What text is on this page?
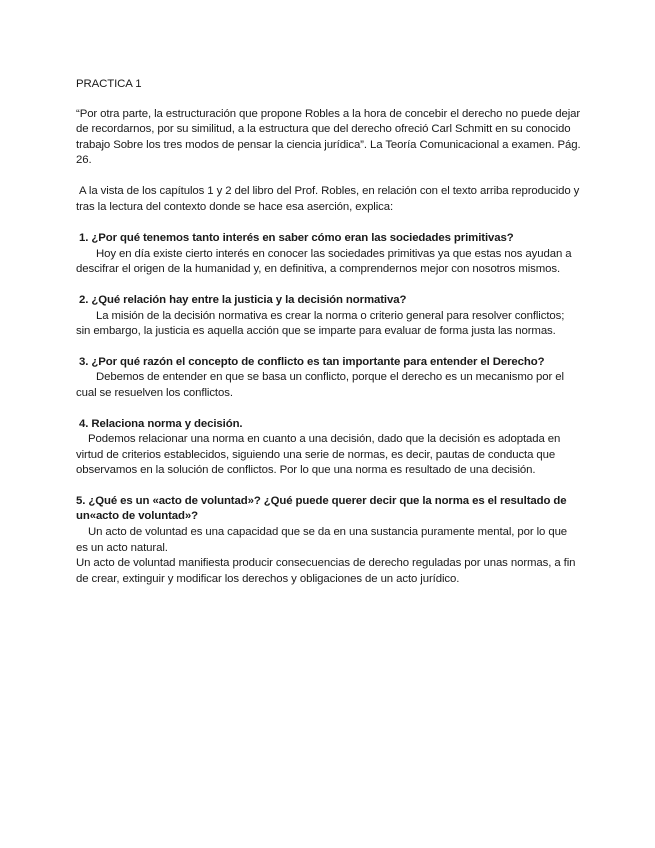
PRACTICA 1

“Por otra parte, la estructuración que propone Robles a la hora de concebir el derecho no puede dejar de recordarnos, por su similitud, a la estructura que del derecho ofreció Carl Schmitt en su conocido trabajo Sobre los tres modos de pensar la ciencia jurídica”. La Teoría Comunicacional a examen. Pág. 26.

A la vista de los capítulos 1 y 2 del libro del Prof. Robles, en relación con el texto arriba reproducido y tras la lectura del contexto donde se hace esa aserción, explica:

1. ¿Por qué tenemos tanto interés en saber cómo eran las sociedades primitivas?

Hoy en día existe cierto interés en conocer las sociedades primitivas ya que estas nos ayudan a descifrar el origen de la humanidad y, en definitiva, a comprendernos mejor con nosotros mismos.

2. ¿Qué relación hay entre la justicia y la decisión normativa?

La misión de la decisión normativa es crear la norma o criterio general para resolver conflictos; sin embargo, la justicia es aquella acción que se imparte para evaluar de forma justa las normas.

3. ¿Por qué razón el concepto de conflicto es tan importante para entender el Derecho?

Debemos de entender en que se basa un conflicto, porque el derecho es un mecanismo por el cual se resuelven los conflictos.

4. Relaciona norma y decisión.

Podemos relacionar una norma en cuanto a una decisión, dado que la decisión es adoptada en virtud de criterios establecidos, siguiendo una serie de normas, es decir, pautas de conducta que observamos en la solución de conflictos. Por lo que una norma es resultado de una decisión.

5. ¿Qué es un «acto de voluntad»? ¿Qué puede querer decir que la norma es el resultado de un«acto de voluntad»?

Un acto de voluntad es una capacidad que se da en una sustancia puramente mental, por lo que es un acto natural.

Un acto de voluntad manifiesta producir consecuencias de derecho reguladas por unas normas, a fin de crear, extinguir y modificar los derechos y obligaciones de un acto jurídico.
